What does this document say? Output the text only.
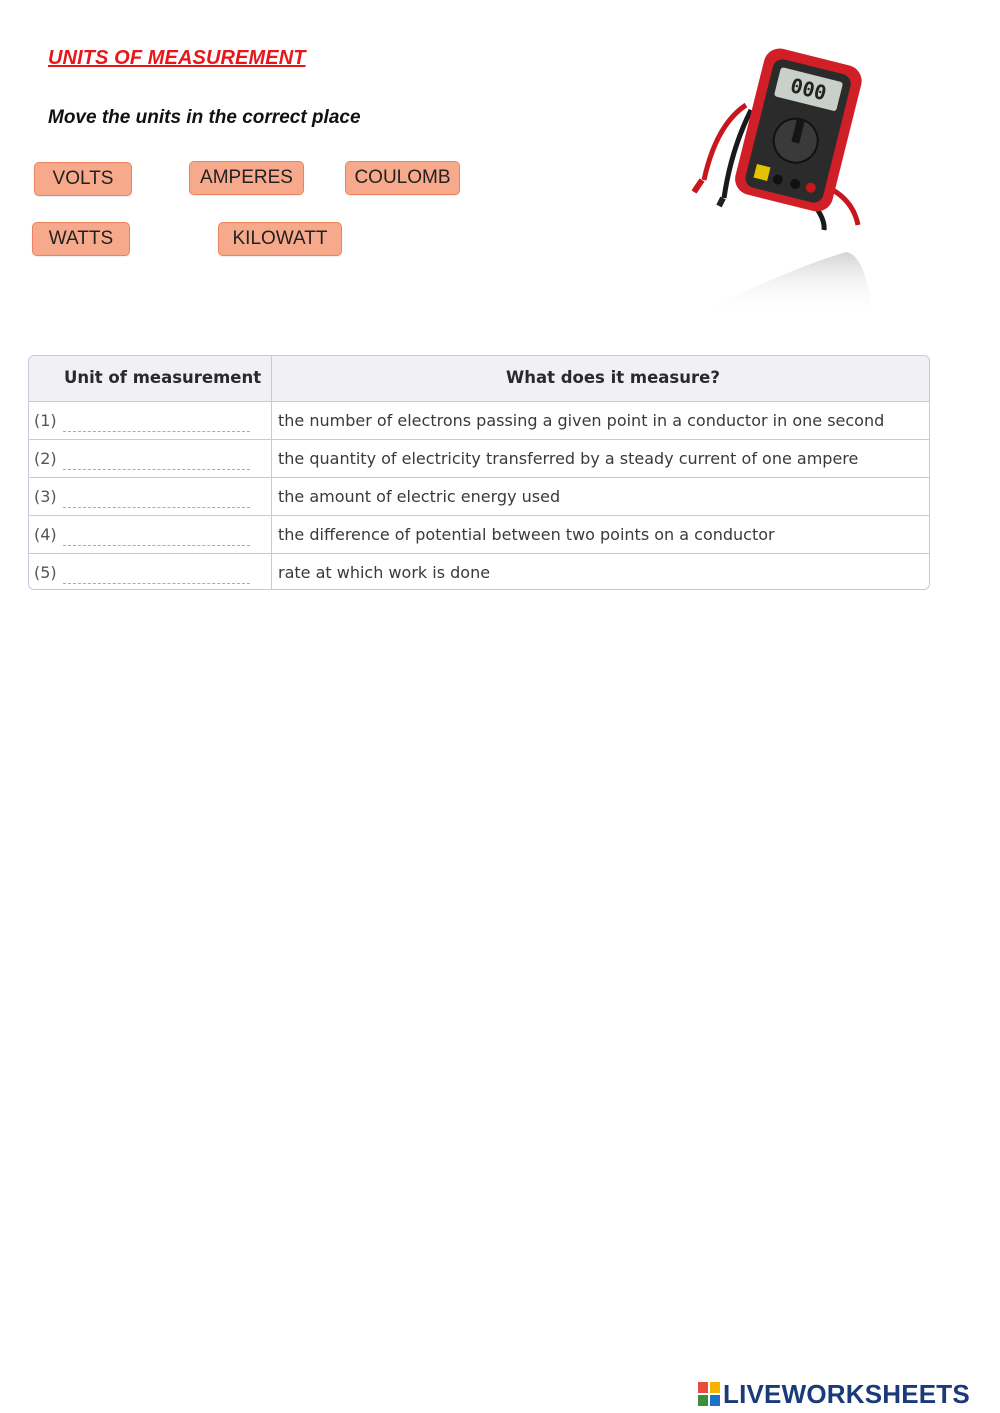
UNITS OF MEASUREMENT
Move the units in the correct place
VOLTS	AMPERES	COULOMB
WATTS	KILOWATT
000
Unit of measurement	What does it measure?
(1)	the number of electrons passing a given point in a conductor in one second
(2)	the quantity of electricity transferred by a steady current of one ampere
(3)	the amount of electric energy used
(4)	the difference of potential between two points on a conductor
(5)	rate at which work is done
LIVEWORKSHEETS
